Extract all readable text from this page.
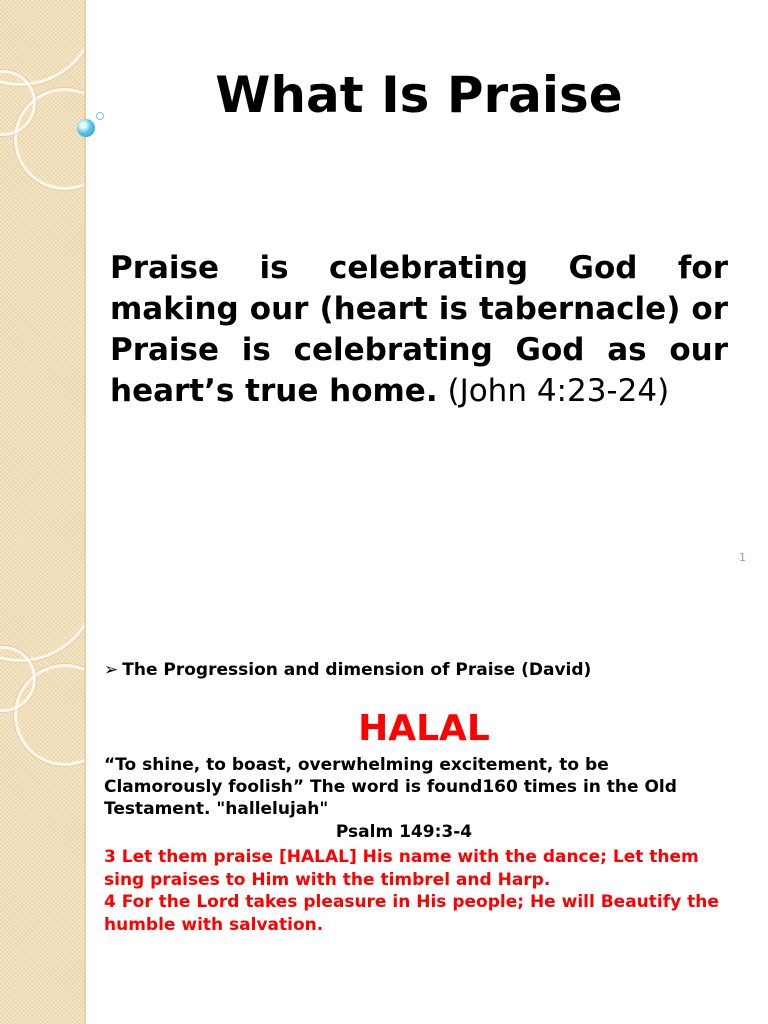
What Is Praise

Praise is celebrating God for making our (heart is tabernacle) or Praise is celebrating God as our heart’s true home. (John 4:23-24)

1
➢ The Progression and dimension of Praise (David)
HALAL
“To shine, to boast, overwhelming excitement, to be Clamorously foolish” The word is found160 times in the Old Testament. "hallelujah"
Psalm 149:3-4
3 Let them praise [HALAL] His name with the dance; Let them sing praises to Him with the timbrel and Harp.
4 For the Lord takes pleasure in His people; He will Beautify the humble with salvation.
